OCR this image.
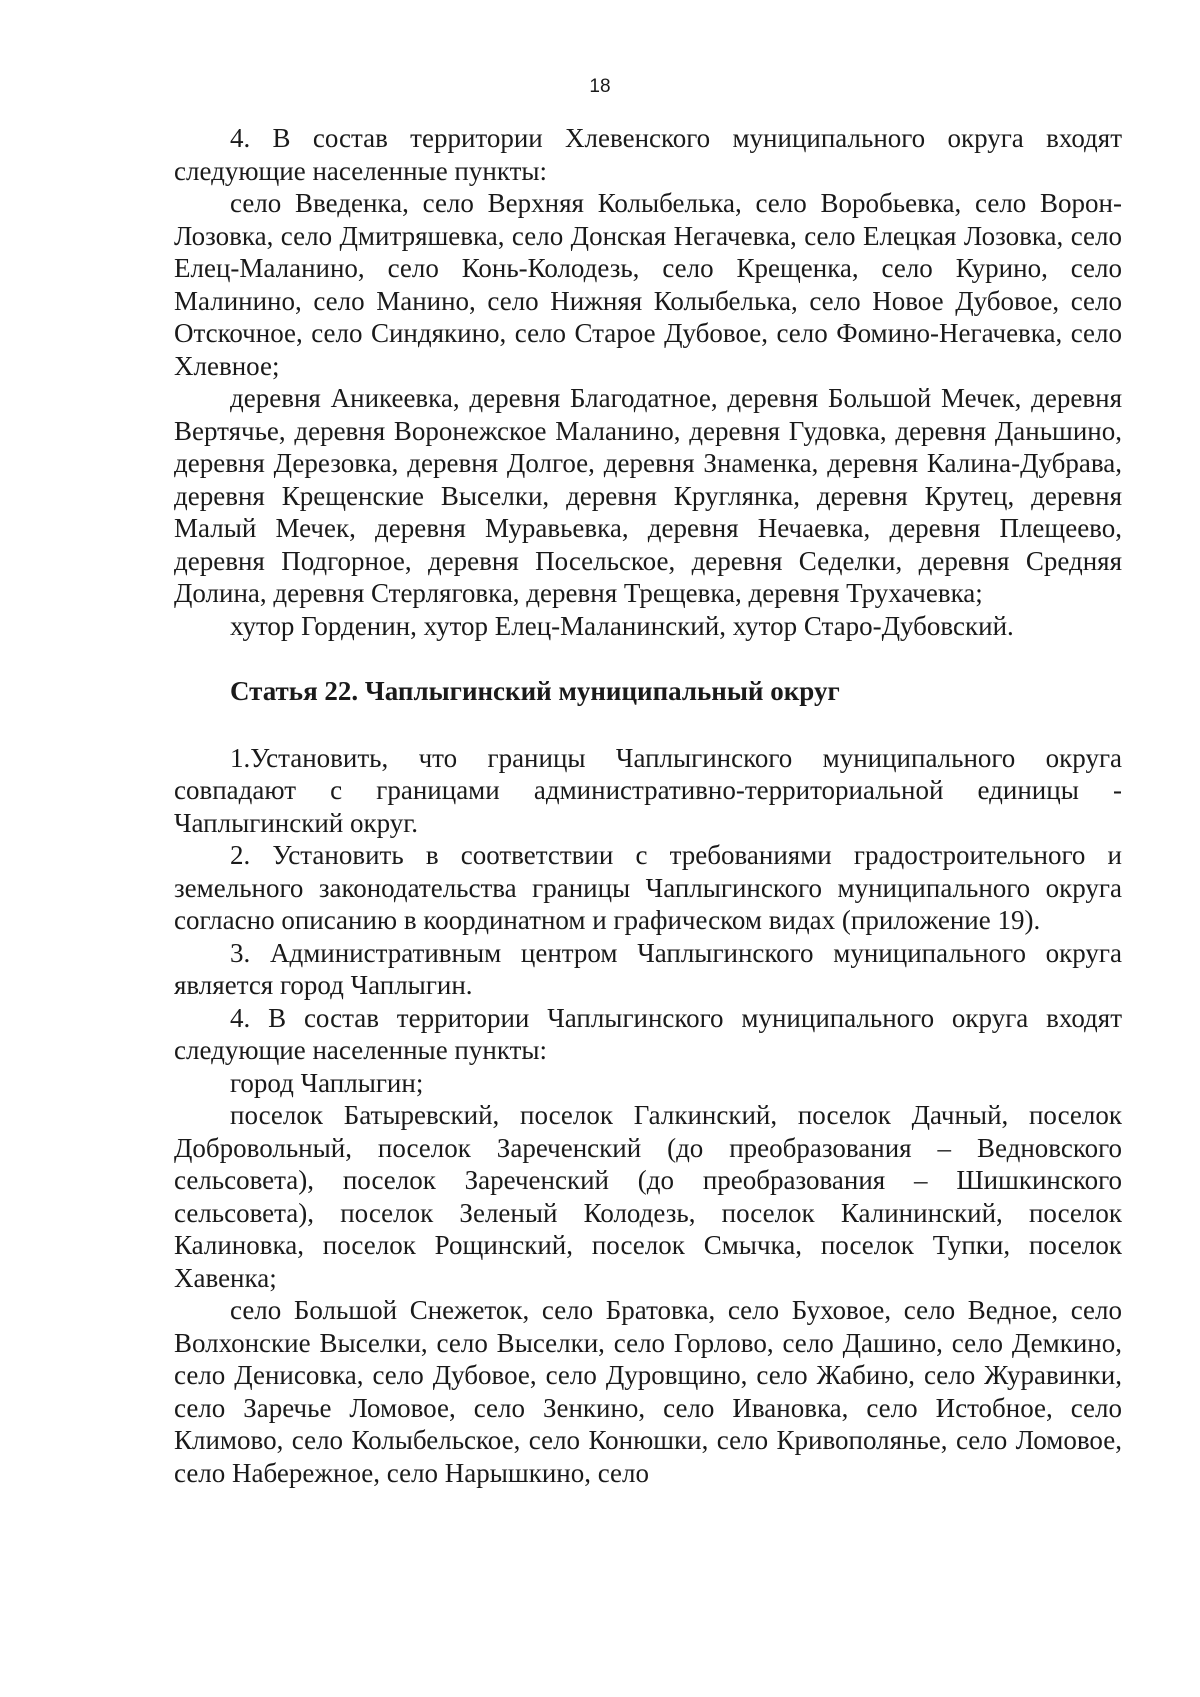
18

4. В состав территории Хлевенского муниципального округа входят следующие населенные пункты:

село Введенка, село Верхняя Колыбелька, село Воробьевка, село Ворон-Лозовка, село Дмитряшевка, село Донская Негачевка, село Елецкая Лозовка, село Елец-Маланино, село Конь-Колодезь, село Крещенка, село Курино, село Малинино, село Манино, село Нижняя Колыбелька, село Новое Дубовое, село Отскочное, село Синдякино, село Старое Дубовое, село Фомино-Негачевка, село Хлевное;

деревня Аникеевка, деревня Благодатное, деревня Большой Мечек, деревня Вертячье, деревня Воронежское Маланино, деревня Гудовка, деревня Даньшино, деревня Дерезовка, деревня Долгое, деревня Знаменка, деревня Калина-Дубрава, деревня Крещенские Выселки, деревня Круглянка, деревня Крутец, деревня Малый Мечек, деревня Муравьевка, деревня Нечаевка, деревня Плещеево, деревня Подгорное, деревня Посельское, деревня Седелки, деревня Средняя Долина, деревня Стерляговка, деревня Трещевка, деревня Трухачевка;

хутор Горденин, хутор Елец-Маланинский, хутор Старо-Дубовский.

Статья 22. Чаплыгинский муниципальный округ

1.Установить, что границы Чаплыгинского муниципального округа совпадают с границами административно-территориальной единицы - Чаплыгинский округ.

2. Установить в соответствии с требованиями градостроительного и земельного законодательства границы Чаплыгинского муниципального округа согласно описанию в координатном и графическом видах (приложение 19).

3. Административным центром Чаплыгинского муниципального округа является город Чаплыгин.

4. В состав территории Чаплыгинского муниципального округа входят следующие населенные пункты:

город Чаплыгин;

поселок Батыревский, поселок Галкинский, поселок Дачный, поселок Добровольный, поселок Зареченский (до преобразования – Ведновского сельсовета), поселок Зареченский (до преобразования – Шишкинского сельсовета), поселок Зеленый Колодезь, поселок Калининский, поселок Калиновка, поселок Рощинский, поселок Смычка, поселок Тупки, поселок Хавенка;

село Большой Снежеток, село Братовка, село Буховое, село Ведное, село Волхонские Выселки, село Выселки, село Горлово, село Дашино, село Демкино, село Денисовка, село Дубовое, село Дуровщино, село Жабино, село Журавинки, село Заречье Ломовое, село Зенкино, село Ивановка, село Истобное, село Климово, село Колыбельское, село Конюшки, село Кривополянье, село Ломовое, село Набережное, село Нарышкино, село
